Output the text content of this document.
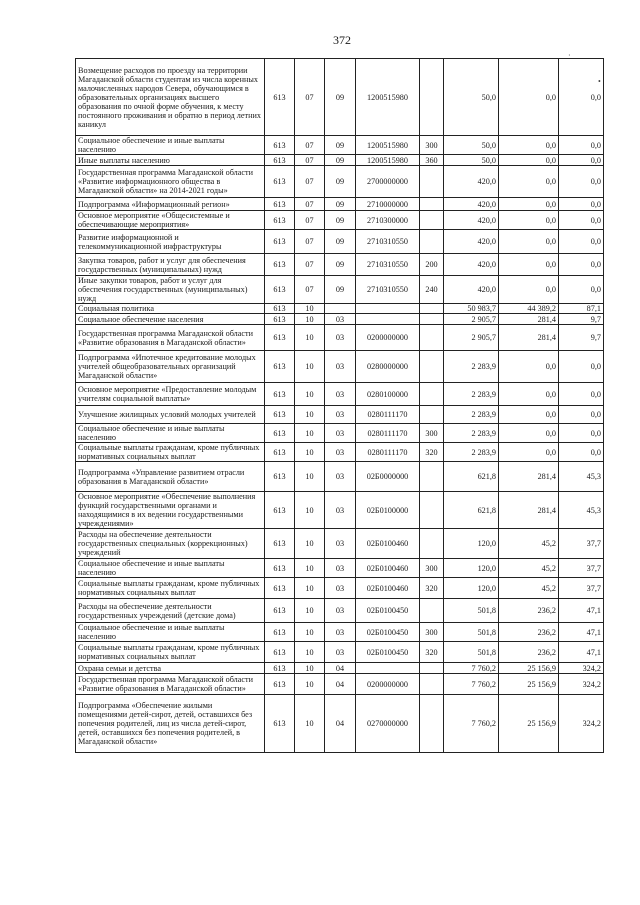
372
•
·
Возмещение расходов по проезду на территории Магаданской области студентам из числа коренных малочисленных народов Севера, обучающимся в образовательных организациях высшего образования по очной форме обучения, к месту постоянного проживания и обратно в период летних каникул	613	07	09	1200515980		50,0	0,0	0,0
Социальное обеспечение и иные выплаты населению	613	07	09	1200515980	300	50,0	0,0	0,0
Иные выплаты населению	613	07	09	1200515980	360	50,0	0,0	0,0
Государственная программа Магаданской области «Развитие информационного общества в Магаданской области» на 2014-2021 годы»	613	07	09	2700000000		420,0	0,0	0,0
Подпрограмма «Информационный регион»	613	07	09	2710000000		420,0	0,0	0,0
Основное мероприятие «Общесистемные и обеспечивающие мероприятия»	613	07	09	2710300000		420,0	0,0	0,0
Развитие информационной и телекоммуникационной инфраструктуры	613	07	09	2710310550		420,0	0,0	0,0
Закупка товаров, работ и услуг для обеспечения государственных (муниципальных) нужд	613	07	09	2710310550	200	420,0	0,0	0,0
Иные закупки товаров, работ и услуг для обеспечения государственных (муниципальных) нужд	613	07	09	2710310550	240	420,0	0,0	0,0
Социальная политика	613	10				50 983,7	44 389,2	87,1
Социальное обеспечение населения	613	10	03			2 905,7	281,4	9,7
Государственная программа Магаданской области «Развитие образования в Магаданской области»	613	10	03	0200000000		2 905,7	281,4	9,7
Подпрограмма «Ипотечное кредитование молодых учителей общеобразовательных организаций Магаданской области»	613	10	03	0280000000		2 283,9	0,0	0,0
Основное мероприятие «Предоставление молодым учителям социальной выплаты»	613	10	03	0280100000		2 283,9	0,0	0,0
Улучшение жилищных условий молодых учителей	613	10	03	0280111170		2 283,9	0,0	0,0
Социальное обеспечение и иные выплаты населению	613	10	03	0280111170	300	2 283,9	0,0	0,0
Социальные выплаты гражданам, кроме публичных нормативных социальных выплат	613	10	03	0280111170	320	2 283,9	0,0	0,0
Подпрограмма «Управление развитием отрасли образования в Магаданской области»	613	10	03	02Б0000000		621,8	281,4	45,3
Основное мероприятие «Обеспечение выполнения функций государственными органами и находящимися в их ведении государственными учреждениями»	613	10	03	02Б0100000		621,8	281,4	45,3
Расходы на обеспечение деятельности государственных специальных (коррекционных) учреждений	613	10	03	02Б0100460		120,0	45,2	37,7
Социальное обеспечение и иные выплаты населению	613	10	03	02Б0100460	300	120,0	45,2	37,7
Социальные выплаты гражданам, кроме публичных нормативных социальных выплат	613	10	03	02Б0100460	320	120,0	45,2	37,7
Расходы на обеспечение деятельности государственных учреждений (детские дома)	613	10	03	02Б0100450		501,8	236,2	47,1
Социальное обеспечение и иные выплаты населению	613	10	03	02Б0100450	300	501,8	236,2	47,1
Социальные выплаты гражданам, кроме публичных нормативных социальных выплат	613	10	03	02Б0100450	320	501,8	236,2	47,1
Охрана семьи и детства	613	10	04			7 760,2	25 156,9	324,2
Государственная программа Магаданской области «Развитие образования в Магаданской области»	613	10	04	0200000000		7 760,2	25 156,9	324,2
Подпрограмма «Обеспечение жилыми помещениями детей-сирот, детей, оставшихся без попечения родителей, лиц из числа детей-сирот, детей, оставшихся без попечения родителей, в Магаданской области»	613	10	04	0270000000		7 760,2	25 156,9	324,2
